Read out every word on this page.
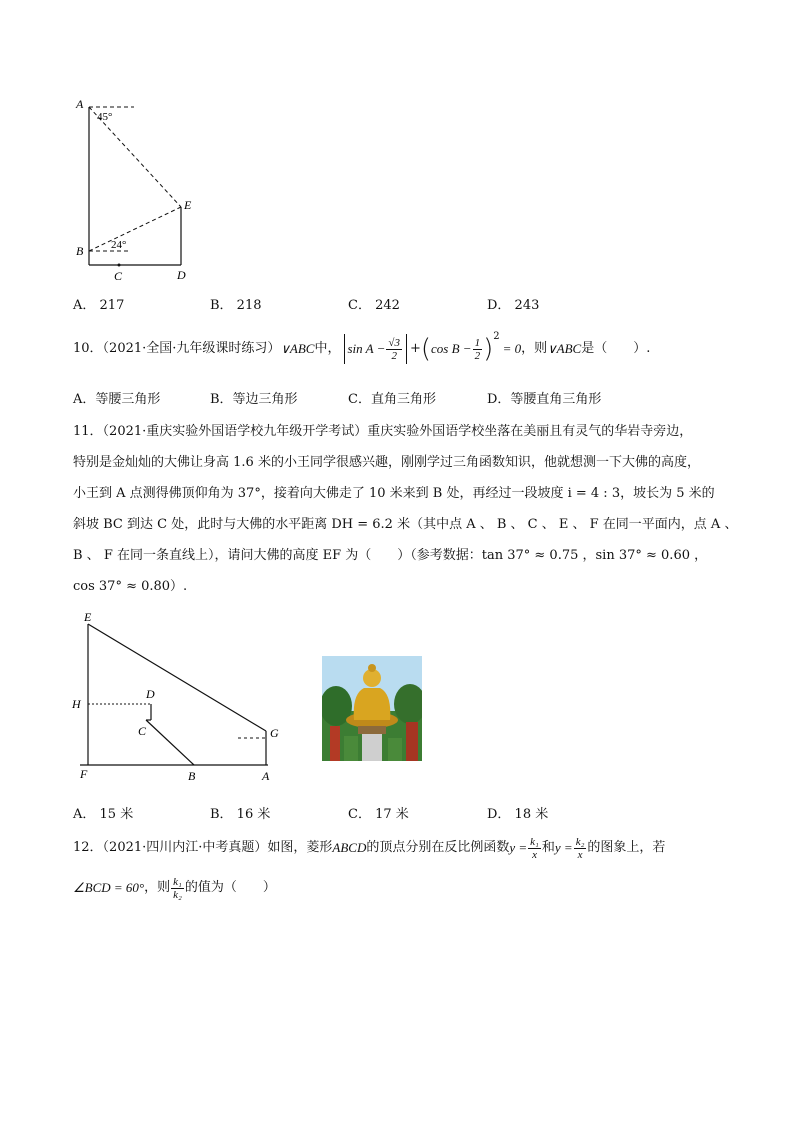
A
45°
E
B	24°
C	D
A． 217	B． 218	C． 242	D． 243
10．（2021·全国·九年级课时练习） ∨ABC 中， $\sin A - \frac{√3}{2}$ + ( $\cos B - \frac{1}{2}$ ) 2
= 0 ，则 ∨ABC 是（　　）.
A．等腰三角形	B．等边三角形	C．直角三角形	D．等腰直角三角形
11．（2021·重庆实验外国语学校九年级开学考试）重庆实验外国语学校坐落在美丽且有灵气的华岩寺旁边，
特别是金灿灿的大佛让身高 1.6 米的小王同学很感兴趣，刚刚学过三角函数知识，他就想测一下大佛的高度，
小王到 A 点测得佛顶仰角为 37°，接着向大佛走了 10 米来到 B 处，再经过一段坡度 i = 4 : 3，坡长为 5 米的
斜坡 BC 到达 C 处，此时与大佛的水平距离 DH = 6.2 米（其中点 A 、 B 、 C 、 E 、 F 在同一平面内，点 A 、
B 、 F 在同一条直线上），请问大佛的高度 EF 为（　　）（参考数据：tan 37° ≈ 0.75 ，sin 37° ≈ 0.60 ，
cos 37° ≈ 0.80）.
E
H
D
C	G
F	B	A
A． 15 米	B． 16 米	C． 17 米	D． 18 米
12．（2021·四川内江·中考真题）如图，菱形 ABCD 的顶点分别在反比例函数 $y = \frac{\text{k₁}}{x}$ 和 $y = \frac{\text{k₂}}{x}$ 的图象上，若
∠BCD = 60° ，则 $\frac{\text{k₁}}{\text{k₂}}$ 的值为（　　）
